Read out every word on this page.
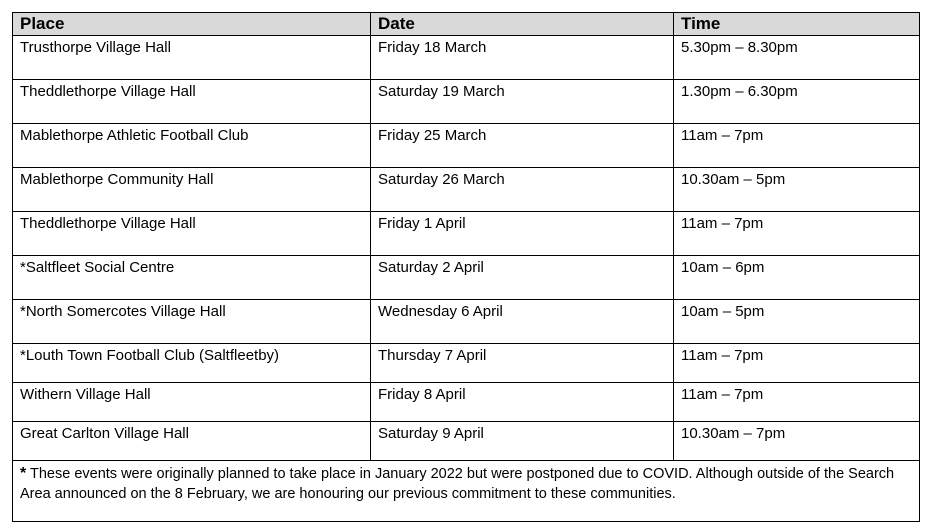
Place	Date	Time
Trusthorpe Village Hall	Friday 18 March	5.30pm – 8.30pm
Theddlethorpe Village Hall	Saturday 19 March	1.30pm – 6.30pm
Mablethorpe Athletic Football Club	Friday 25 March	11am – 7pm
Mablethorpe Community Hall	Saturday 26 March	10.30am – 5pm
Theddlethorpe Village Hall	Friday 1 April	11am – 7pm
*Saltfleet Social Centre	Saturday 2 April	10am – 6pm
*North Somercotes Village Hall	Wednesday 6 April	10am – 5pm
*Louth Town Football Club (Saltfleetby)	Thursday 7 April	11am – 7pm
Withern Village Hall	Friday 8 April	11am – 7pm
Great Carlton Village Hall	Saturday 9 April	10.30am – 7pm
* These events were originally planned to take place in January 2022 but were postponed due to COVID. Although outside of the Search Area announced on the 8 February, we are honouring our previous commitment to these communities.		
